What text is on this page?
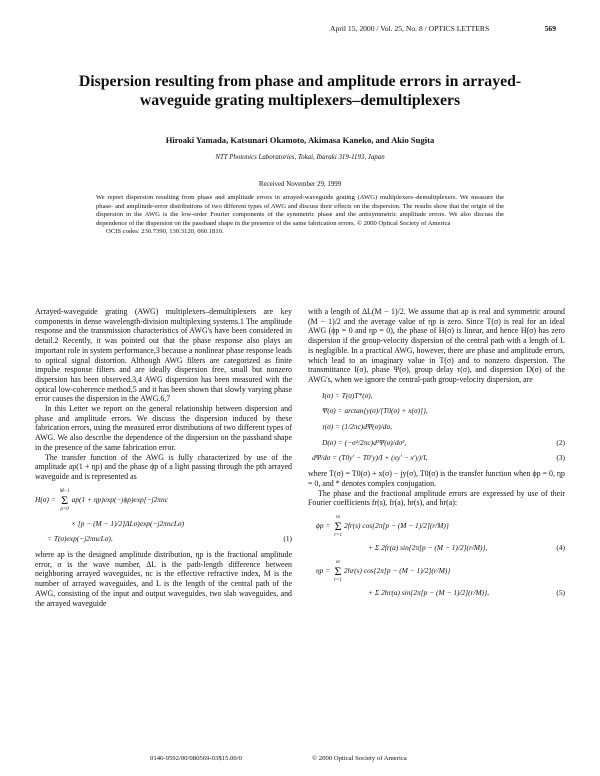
April 15, 2000 / Vol. 25, No. 8 / OPTICS LETTERS	569
Dispersion resulting from phase and amplitude errors in arrayed-waveguide grating multiplexers–demultiplexers
Hiroaki Yamada, Katsunari Okamoto, Akimasa Kaneko, and Akio Sugita
NTT Photonics Laboratories, Tokai, Ibaraki 319-1193, Japan
Received November 29, 1999
We report dispersion resulting from phase and amplitude errors in arrayed-waveguide grating (AWG) multiplexers–demultiplexers. We measure the phase- and amplitude-error distributions of two different types of AWG and discuss their effects on the dispersion. The results show that the origin of the dispersion in the AWG is the low-order Fourier components of the symmetric phase and the antisymmetric amplitude errors. We also discuss the dependence of the dispersion on the passband shape in the presence of the same fabrication errors. © 2000 Optical Society of America
OCIS codes: 230.7390, 130.3120, 060.1810.

Arrayed-waveguide grating (AWG) multiplexers–demultiplexers are key components in dense wavelength-division multiplexing systems.1 The amplitude response and the transmission characteristics of AWG's have been considered in detail.2 Recently, it was pointed out that the phase response also plays an important role in system performance,3 because a nonlinear phase response leads to optical signal distortion. Although AWG filters are categorized as finite impulse response filters and are ideally dispersion free, small but nonzero dispersion has been observed.3,4 AWG dispersion has been measured with the optical low-coherence method,5 and it has been shown that slowly varying phase error causes the dispersion in the AWG.6,7

In this Letter we report on the general relationship between dispersion and phase and amplitude errors. We discuss the dispersion induced by these fabrication errors, using the measured error distributions of two different types of AWG. We also describe the dependence of the dispersion on the passband shape in the presence of the same fabrication error.

The transfer function of the AWG is fully characterized by use of the amplitude ap(1 + ηp) and the phase ϕp of a light passing through the pth arrayed waveguide and is represented as

H(σ) =
M−1
Σ
p=0
ap(1 + ηp)exp(−jϕp)exp[−j2πnc
× [p − (M − 1)/2]ΔLσ)exp(−j2πncLσ)
= T(σ)exp(−j2πncLσ),	(1)

where ap is the designed amplitude distribution, ηp is the fractional amplitude error, σ is the wave number, ΔL is the path-length difference between neighboring arrayed waveguides, nc is the effective refractive index, M is the number of arrayed waveguides, and L is the length of the central path of the AWG, consisting of the input and output waveguides, two slab waveguides, and the arrayed waveguide

with a length of ΔL(M − 1)/2. We assume that ap is real and symmetric around (M − 1)/2 and the average value of ηp is zero. Since T(σ) is real for an ideal AWG (ϕp = 0 and ηp = 0), the phase of H(σ) is linear, and hence H(σ) has zero dispersion if the group-velocity dispersion of the central path with a length of L is negligible. In a practical AWG, however, there are phase and amplitude errors, which lead to an imaginary value in T(σ) and to nonzero dispersion. The transmittance I(σ), phase Ψ(σ), group delay τ(σ), and dispersion D(σ) of the AWG's, when we ignore the central-path group-velocity dispersion, are

I(σ) = T(σ)T*(σ),
Ψ(σ) = arctan{y(σ)/[T0(σ) + x(σ)]},
τ(σ) = (1/2πc)dΨ(σ)/dσ,
D(σ) = (−σ²/2πc)d²Ψ(σ)/dσ²,	(2)
dΨ/dσ = (T0y′ − T0′y)/I + (xy′ − x′y)/I,	(3)

where T(σ) = T0(σ) + x(σ) − jy(σ), T0(σ) is the transfer function when ϕp = 0, ηp = 0, and * denotes complex conjugation.

The phase and the fractional amplitude errors are expressed by use of their Fourier coefficients fr(s), fr(a), hr(s), and hr(a):

ϕp =
m
Σ
r=1
2fr(s) cos{2π[p − (M − 1)/2](r/M)}
+ Σ 2fr(a) sin{2π[p − (M − 1)/2](r/M)},	(4)
ηp =
m
Σ
r=1
2hr(s) cos{2π[p − (M − 1)/2](r/M)}
+ Σ 2hr(a) sin{2π[p − (M − 1)/2](r/M)},	(5)
0146-9592/00/080569-03$15.00/0	© 2000 Optical Society of America
